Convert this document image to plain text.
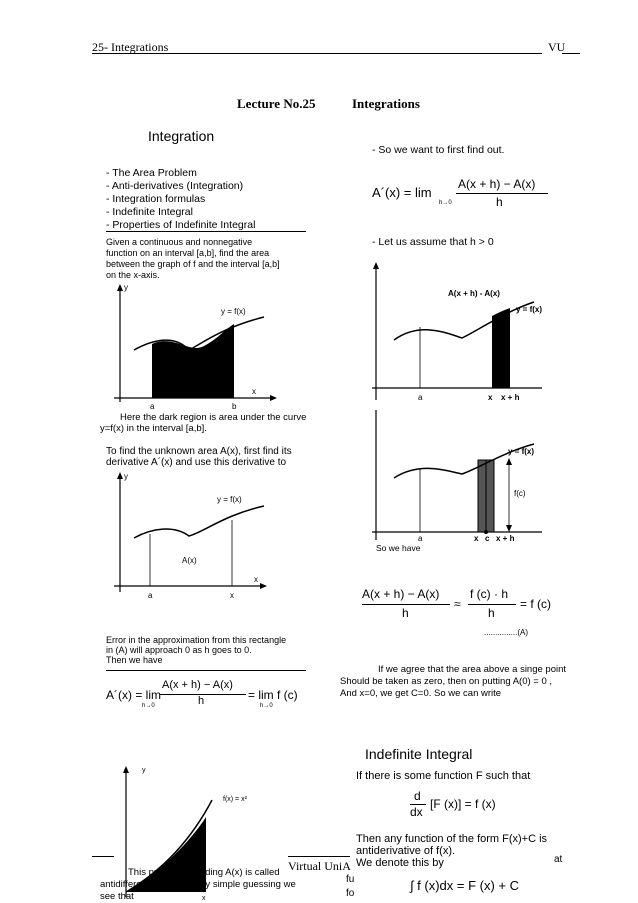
25- Integrations	VU
Lecture No.25	Integrations
Integration
- The Area Problem
- Anti-derivatives (Integration)
- Integration formulas
- Indefinite Integral
- Properties of Indefinite Integral
Given a continuous and nonnegative
function on an interval [a,b], find the area
between the graph of f and the interval [a,b]
on the x-axis.
y
y = f(x)
x
a	b
Here the dark region is area under the curve
y=f(x) in the interval [a,b].
To find the unknown area A(x), first find its
derivative A´(x) and use this derivative to
y
y = f(x)
A(x)
x
a	x
Error in the approximation from this rectangle
in (A) will approach 0 as h goes to 0.
Then we have
A´(x) = lim
h→0
A(x + h) − A(x)
h	= lim f (c)
h→0
y
f(x) = x²
x
This process of finding A(x) is called
antidifferentiation form. By simple guessing we
see that
Virtual UniA
- So we want to first find out.
A´(x) = lim
h→0
A(x + h) − A(x)
h
- Let us assume that h > 0
A(x + h) - A(x)
y = f(x)
a	x x + h
y = f(x)
f(c)
a	x c x + h
So we have
A(x + h) − A(x)
h
≈
f (c) · h
h
= f (c)
...............(A)
If we agree that the area above a singe point
Should be taken as zero, then on putting A(0) = 0 ,
And x=0, we get C=0. So we can write
Indefinite Integral
If there is some function F such that
d
dx
[F (x)] = f (x)
Then any function of the form F(x)+C is
antiderivative of f(x).
We denote this by
∫ f (x)dx = F (x) + C
at
fu
fo
